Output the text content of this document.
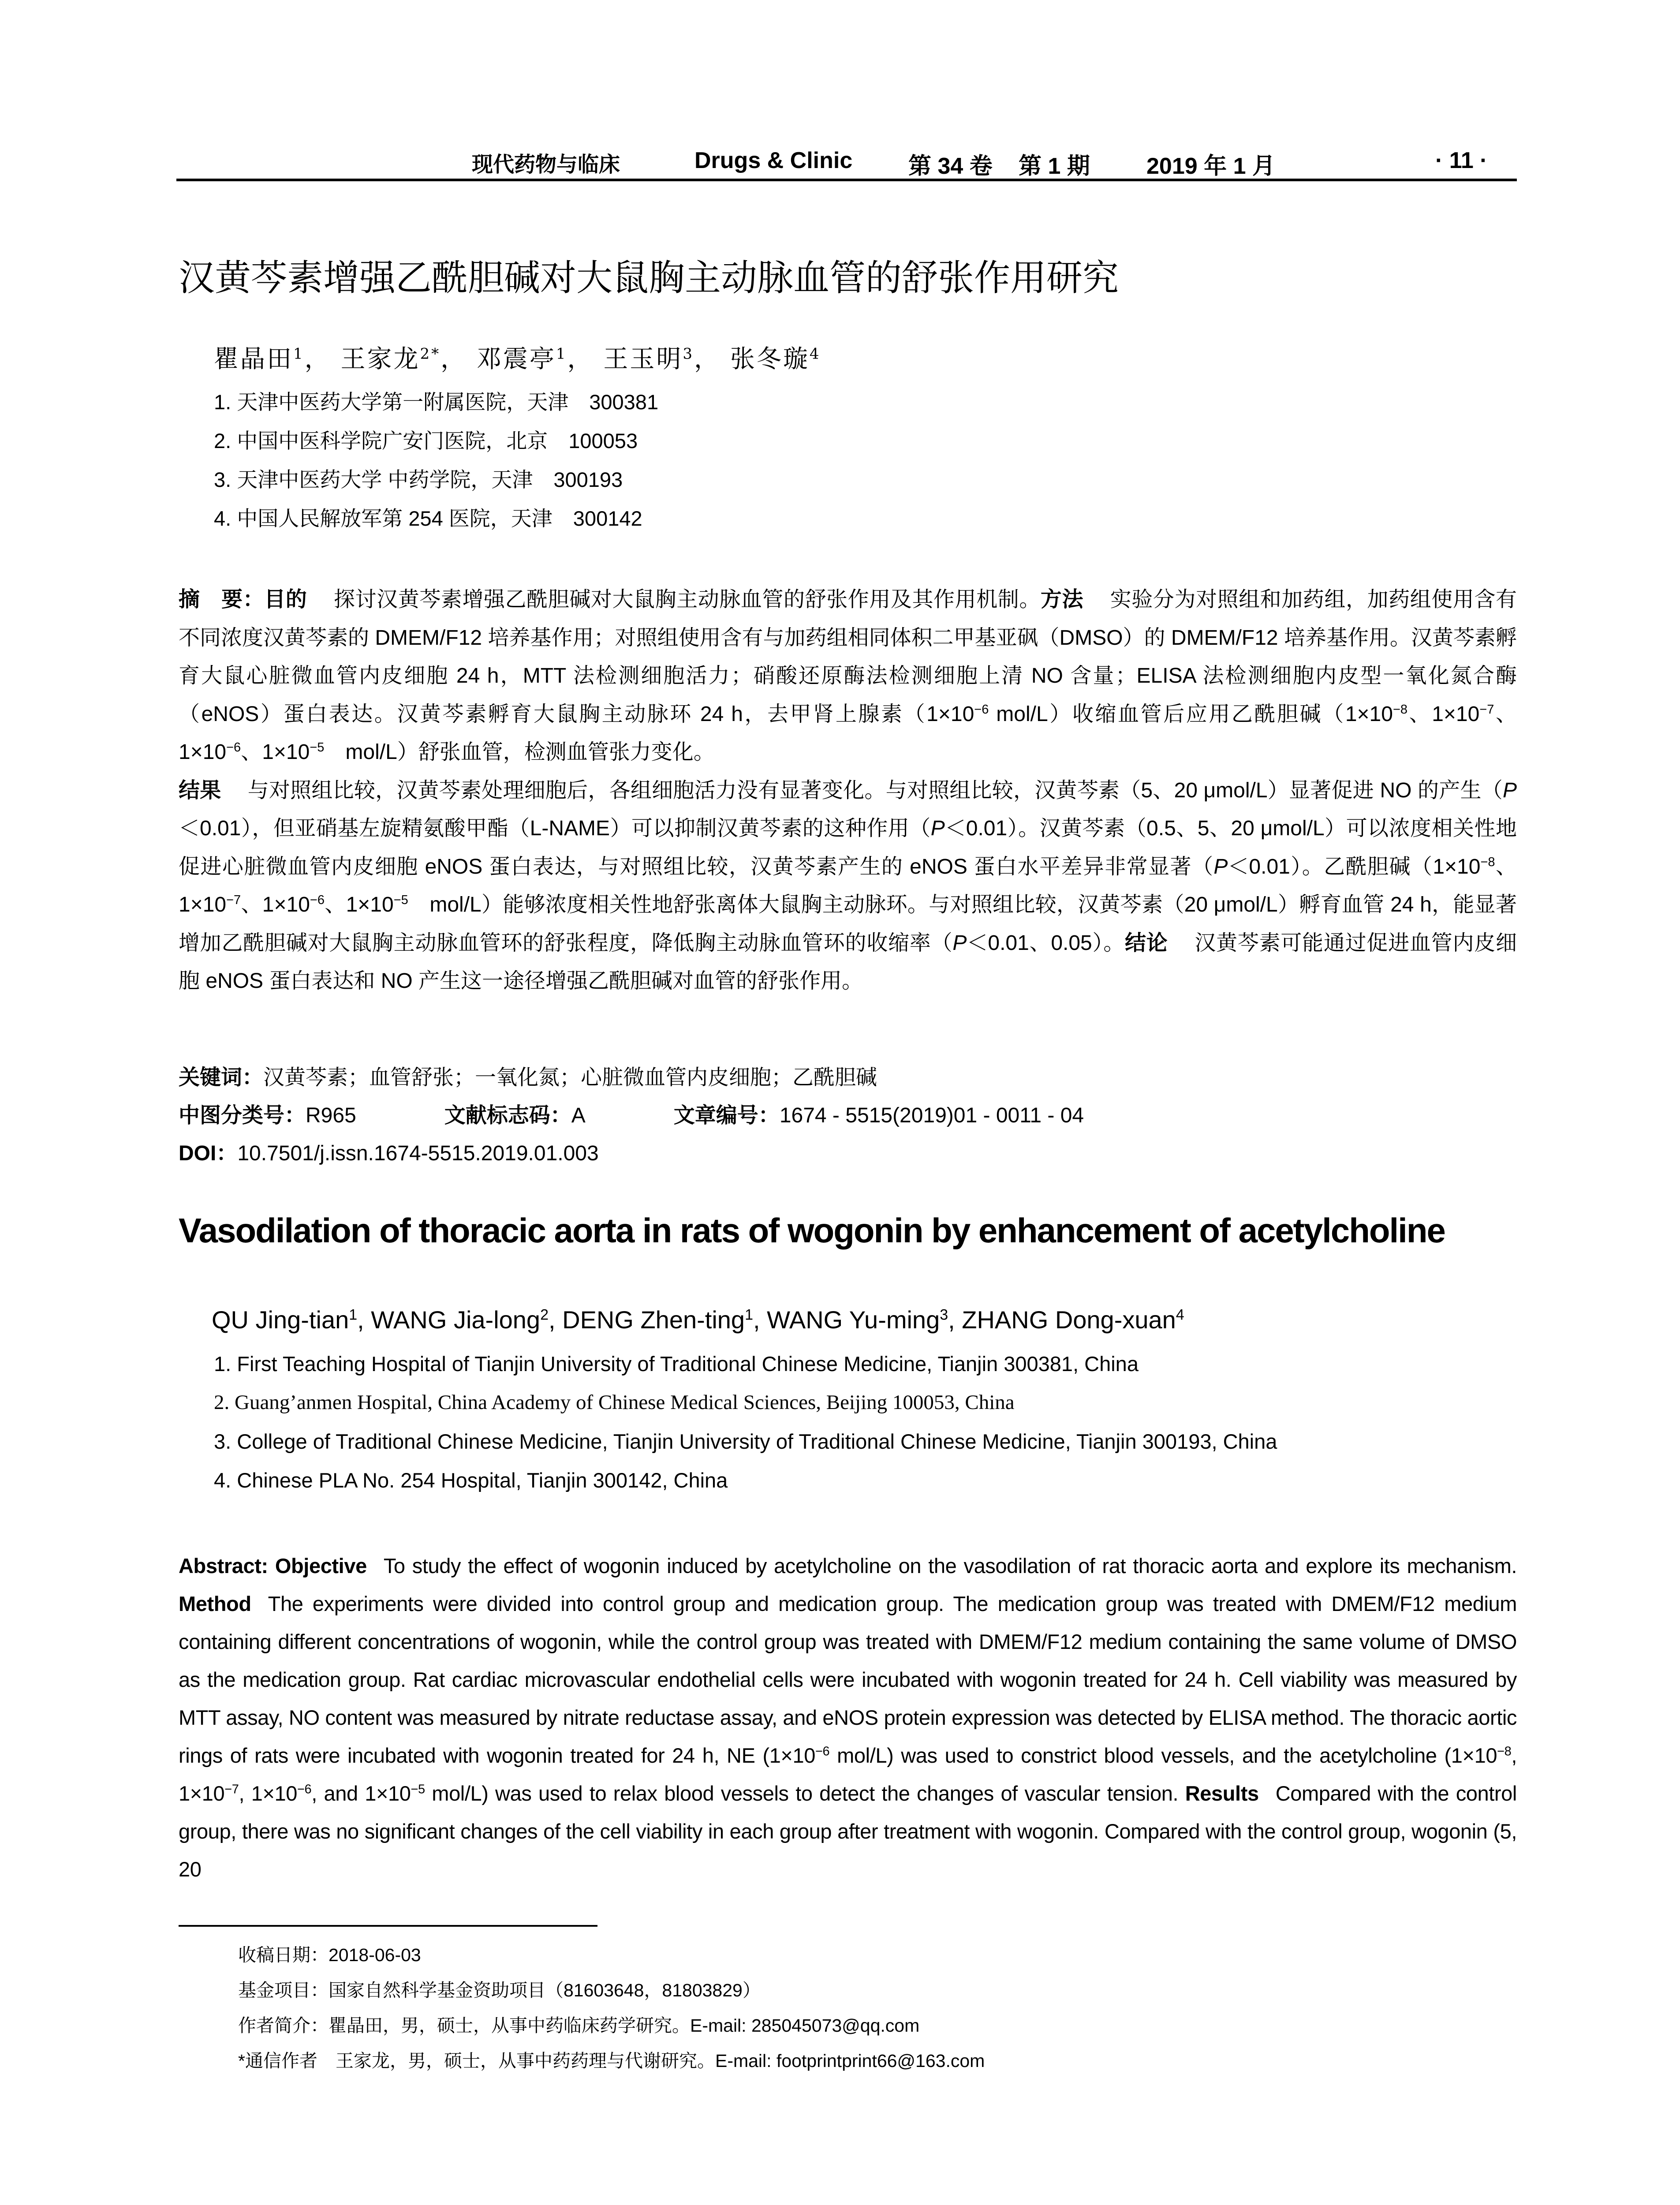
现代药物与临床	Drugs & Clinic 第 34 卷 第 1 期 2019 年 1 月	· 11 ·
汉黄芩素增强乙酰胆碱对大鼠胸主动脉血管的舒张作用研究
瞿晶田$^1$， 王家龙$^{2*}$， 邓震亭$^1$， 王玉明$^3$， 张冬璇$^4$
1. 天津中医药大学第一附属医院，天津　300381
2. 中国中医科学院广安门医院，北京　100053
3. 天津中医药大学 中药学院，天津　300193
4. 中国人民解放军第 254 医院，天津　300142
摘　要：目的 探讨汉黄芩素增强乙酰胆碱对大鼠胸主动脉血管的舒张作用及其作用机制。方法 实验分为对照组和加药组，加药组使用含有不同浓度汉黄芩素的 DMEM/F12 培养基作用；对照组使用含有与加药组相同体积二甲基亚砜（DMSO）的 DMEM/F12 培养基作用。汉黄芩素孵育大鼠心脏微血管内皮细胞 24 h，MTT 法检测细胞活力；硝酸还原酶法检测细胞上清 NO 含量；ELISA 法检测细胞内皮型一氧化氮合酶（eNOS）蛋白表达。汉黄芩素孵育大鼠胸主动脉环 24 h，去甲肾上腺素（$1\times 10^{-6}$ mol/L）收缩血管后应用乙酰胆碱（$1\times 10^{-8}$、$1\times 10^{-7}$、$1\times 10^{-6}$、$1\times 10^{-5}$　mol/L）舒张血管，检测血管张力变化。
结果 与对照组比较，汉黄芩素处理细胞后，各组细胞活力没有显著变化。与对照组比较，汉黄芩素（5、20 μmol/L）显著促进 NO 的产生（P＜0.01），但亚硝基左旋精氨酸甲酯（L-NAME）可以抑制汉黄芩素的这种作用（P＜0.01）。汉黄芩素（0.5、5、20 μmol/L）可以浓度相关性地促进心脏微血管内皮细胞 eNOS 蛋白表达，与对照组比较，汉黄芩素产生的 eNOS 蛋白水平差异非常显著（P＜0.01）。乙酰胆碱（$1\times 10^{-8}$、$1\times 10^{-7}$、$1\times 10^{-6}$、$1\times 10^{-5}$　mol/L）能够浓度相关性地舒张离体大鼠胸主动脉环。与对照组比较，汉黄芩素（20 μmol/L）孵育血管 24 h，能显著增加乙酰胆碱对大鼠胸主动脉血管环的舒张程度，降低胸主动脉血管环的收缩率（P＜0.01、0.05）。结论 汉黄芩素可能通过促进血管内皮细胞 eNOS 蛋白表达和 NO 产生这一途径增强乙酰胆碱对血管的舒张作用。
关键词：汉黄芩素；血管舒张；一氧化氮；心脏微血管内皮细胞；乙酰胆碱
中图分类号：R965	文献标志码：A	文章编号：1674 - 5515(2019)01 - 0011 - 04
DOI：10.7501/j.issn.1674-5515.2019.01.003
Vasodilation of thoracic aorta in rats of wogonin by enhancement of acetylcholine
QU Jing-tian$^1$, WANG Jia-long$^2$, DENG Zhen-ting$^1$, WANG Yu-ming$^3$, ZHANG Dong-xuan$^4$
1. First Teaching Hospital of Tianjin University of Traditional Chinese Medicine, Tianjin 300381, China
2. Guang’anmen Hospital, China Academy of Chinese Medical Sciences, Beijing 100053, China
3. College of Traditional Chinese Medicine, Tianjin University of Traditional Chinese Medicine, Tianjin 300193, China
4. Chinese PLA No. 254 Hospital, Tianjin 300142, China
Abstract: Objective To study the effect of wogonin induced by acetylcholine on the vasodilation of rat thoracic aorta and explore its mechanism. Method The experiments were divided into control group and medication group. The medication group was treated with DMEM/F12 medium containing different concentrations of wogonin, while the control group was treated with DMEM/F12 medium containing the same volume of DMSO as the medication group. Rat cardiac microvascular endothelial cells were incubated with wogonin treated for 24 h. Cell viability was measured by MTT assay, NO content was measured by nitrate reductase assay, and eNOS protein expression was detected by ELISA method. The thoracic aortic rings of rats were incubated with wogonin treated for 24 h, NE ($1\times 10^{-6}$ mol/L) was used to constrict blood vessels, and the acetylcholine ($1\times 10^{-8}$, $1\times 10^{-7}$, $1\times 10^{-6}$, and $1\times 10^{-5}$ mol/L) was used to relax blood vessels to detect the changes of vascular tension. Results Compared with the control group, there was no significant changes of the cell viability in each group after treatment with wogonin. Compared with the control group, wogonin (5, 20
收稿日期：2018-06-03
基金项目：国家自然科学基金资助项目（81603648，81803829）
作者简介：瞿晶田，男，硕士，从事中药临床药学研究。E-mail: 285045073@qq.com
*通信作者　王家龙，男，硕士，从事中药药理与代谢研究。E-mail: footprintprint66@163.com
